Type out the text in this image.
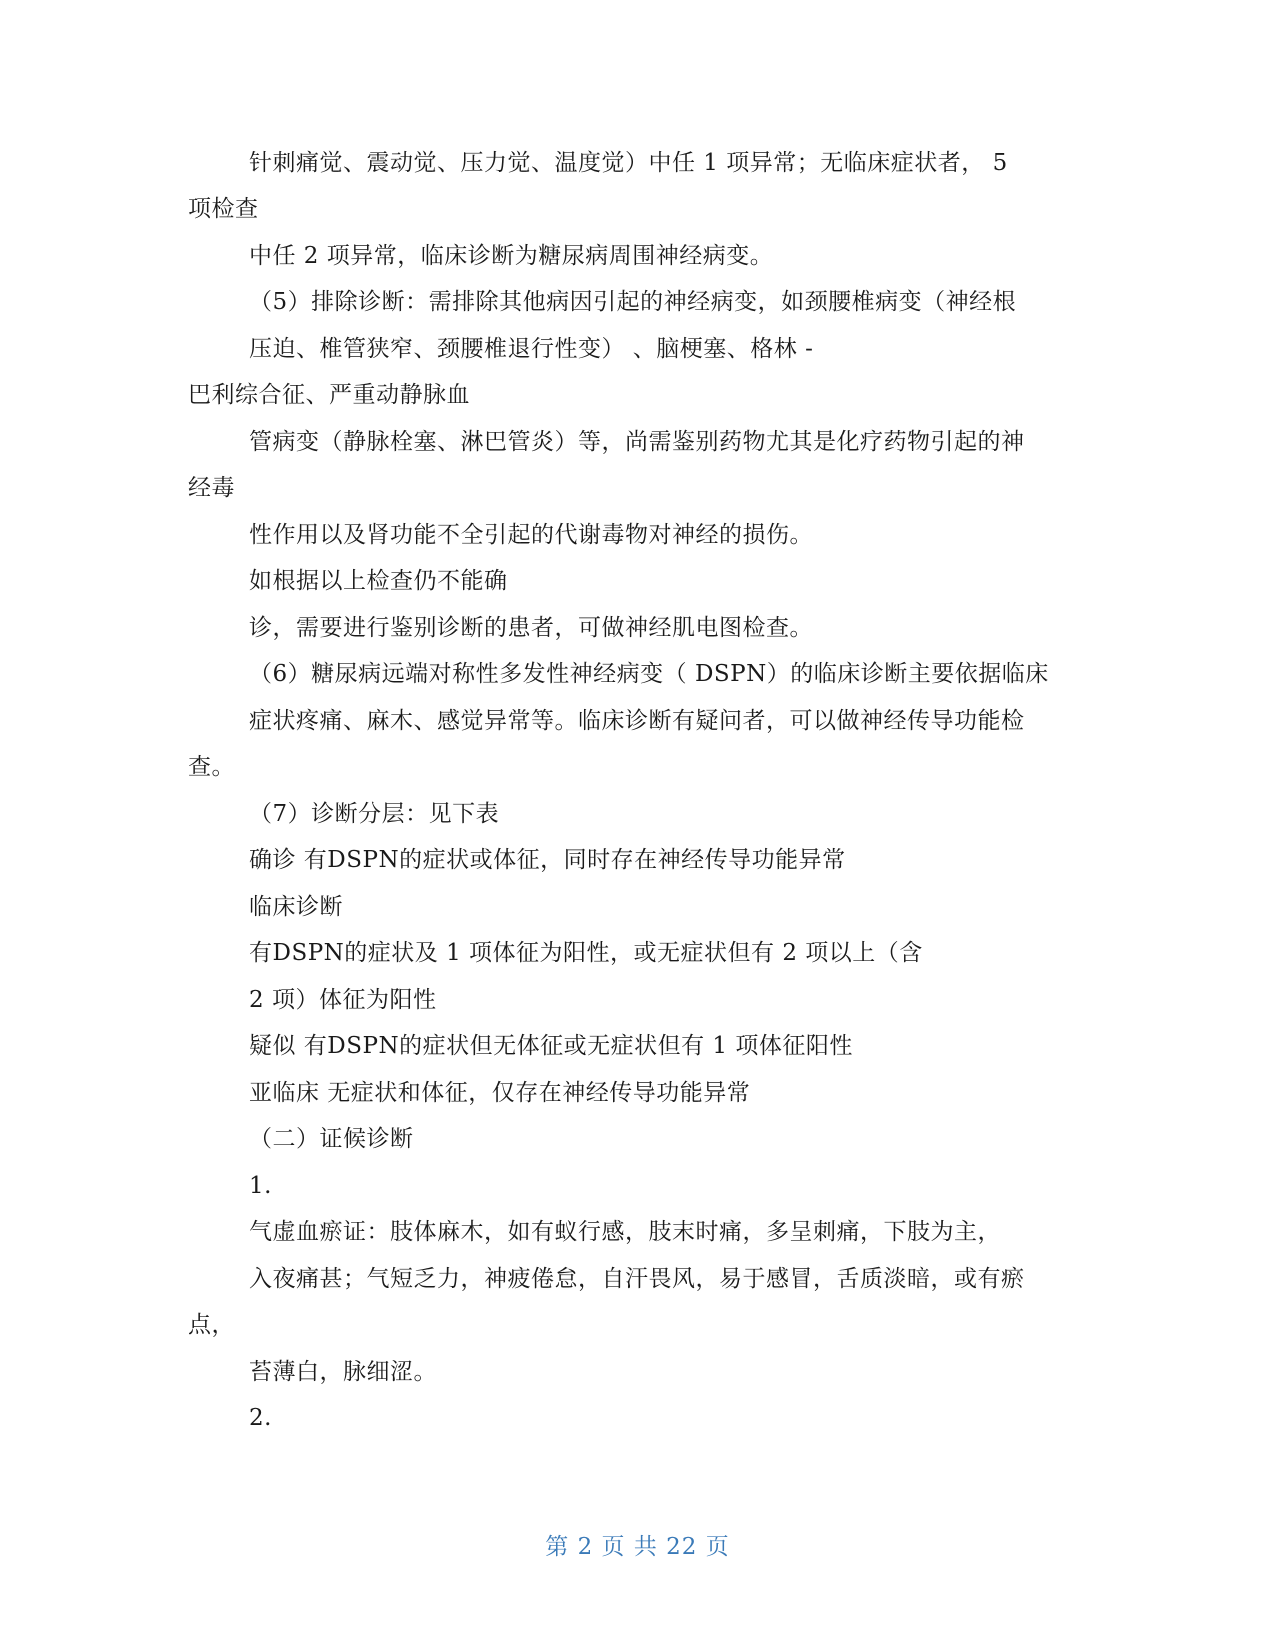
针刺痛觉、震动觉、压力觉、温度觉）中任 1 项异常；无临床症状者， 5
项检查
中任 2 项异常，临床诊断为糖尿病周围神经病变。
（5）排除诊断：需排除其他病因引起的神经病变，如颈腰椎病变（神经根
压迫、椎管狭窄、颈腰椎退行性变） 、脑梗塞、格林 -
巴利综合征、严重动静脉血
管病变（静脉栓塞、淋巴管炎）等，尚需鉴别药物尤其是化疗药物引起的神
经毒
性作用以及肾功能不全引起的代谢毒物对神经的损伤。
如根据以上检查仍不能确
诊，需要进行鉴别诊断的患者，可做神经肌电图检查。
（6）糖尿病远端对称性多发性神经病变（ DSPN）的临床诊断主要依据临床
症状疼痛、麻木、感觉异常等。临床诊断有疑问者，可以做神经传导功能检
查。
（7）诊断分层：见下表
确诊 有DSPN的症状或体征，同时存在神经传导功能异常
临床诊断
有DSPN的症状及 1 项体征为阳性，或无症状但有 2 项以上（含
2 项）体征为阳性
疑似 有DSPN的症状但无体征或无症状但有 1 项体征阳性
亚临床 无症状和体征，仅存在神经传导功能异常
（二）证候诊断
1.
气虚血瘀证：肢体麻木，如有蚁行感，肢末时痛，多呈刺痛，下肢为主，
入夜痛甚；气短乏力，神疲倦怠，自汗畏风，易于感冒，舌质淡暗，或有瘀
点，
苔薄白，脉细涩。
2.
第 2 页 共 22 页
